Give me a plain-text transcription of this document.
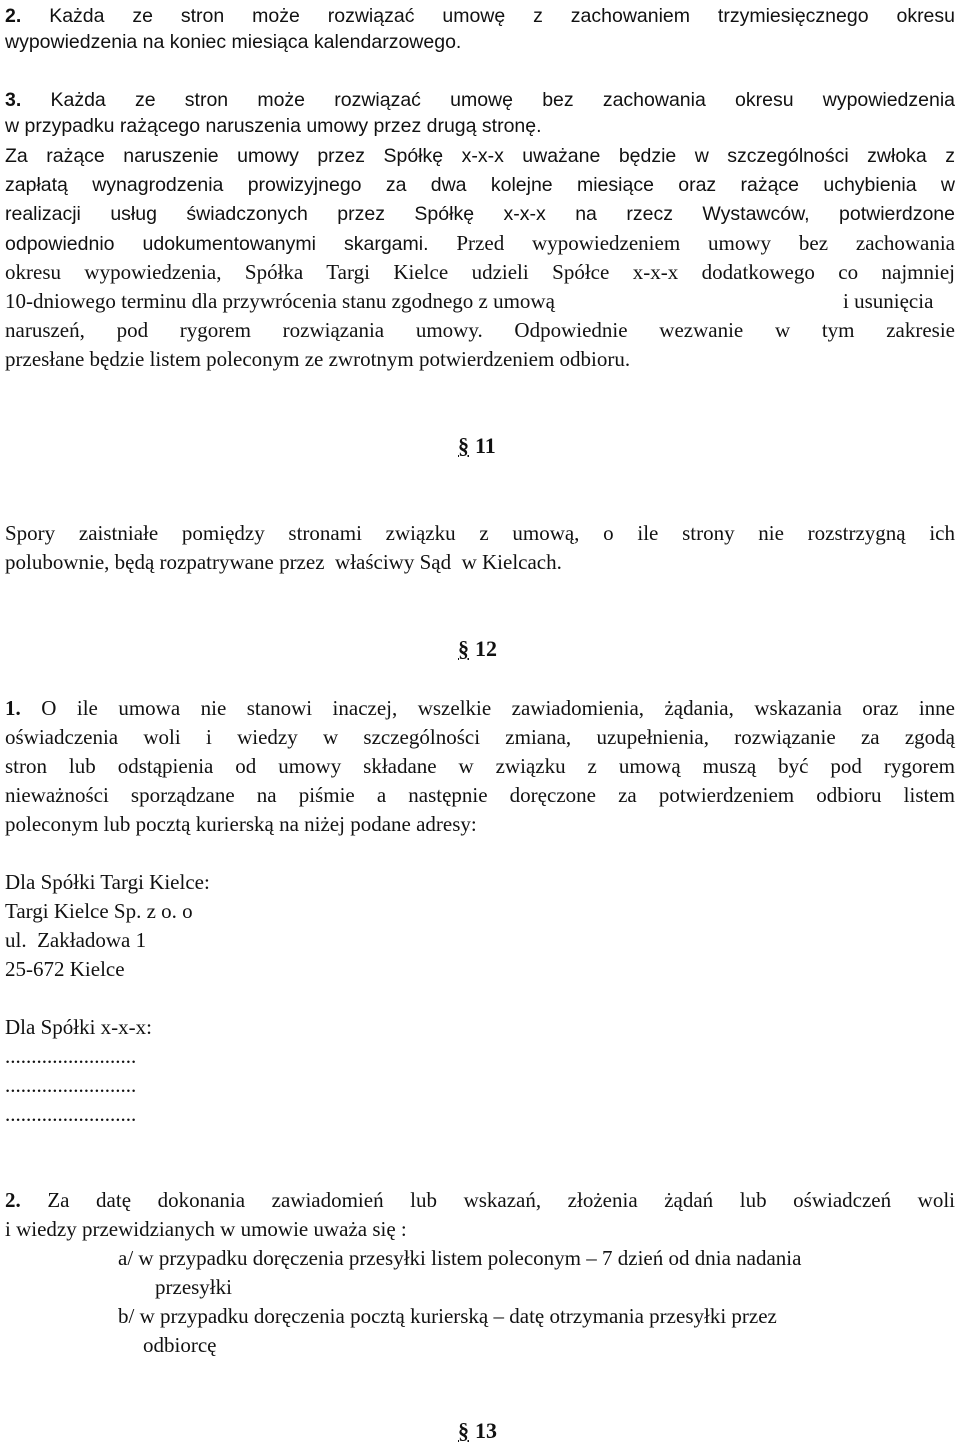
2. Każda ze stron może rozwiązać umowę z zachowaniem trzymiesięcznego okresu
wypowiedzenia na koniec miesiąca kalendarzowego.
3. Każda ze stron może rozwiązać umowę bez zachowania okresu wypowiedzenia
w przypadku rażącego naruszenia umowy przez drugą stronę.
Za rażące naruszenie umowy przez Spółkę x-x-x uważane będzie w szczególności zwłoka z
zapłatą wynagrodzenia prowizyjnego za dwa kolejne miesiące oraz rażące uchybienia w
realizacji usług świadczonych przez Spółkę x-x-x na rzecz Wystawców, potwierdzone
odpowiednio udokumentowanymi skargami. Przed wypowiedzeniem umowy bez zachowania
okresu wypowiedzenia, Spółka Targi Kielce udzieli Spółce x-x-x dodatkowego co najmniej
10-dniowego terminu dla przywrócenia stanu zgodnego z umową	i usunięcia
naruszeń, pod rygorem rozwiązania umowy. Odpowiednie wezwanie w tym zakresie
przesłane będzie listem poleconym ze zwrotnym potwierdzeniem odbioru.
§ 11
Spory zaistniałe pomiędzy stronami związku z umową, o ile strony nie rozstrzygną ich
polubownie, będą rozpatrywane przez  właściwy Sąd  w Kielcach.
§ 12
1. O ile umowa nie stanowi inaczej, wszelkie zawiadomienia, żądania, wskazania oraz inne
oświadczenia woli i wiedzy w szczególności zmiana, uzupełnienia, rozwiązanie za zgodą
stron lub odstąpienia od umowy składane w związku z umową muszą być pod rygorem
nieważności sporządzane na piśmie a następnie doręczone za potwierdzeniem odbioru listem
poleconym lub pocztą kurierską na niżej podane adresy:
Dla Spółki Targi Kielce:
Targi Kielce Sp. z o. o
ul.  Zakładowa 1
25-672 Kielce
Dla Spółki x-x-x:
.........................
.........................
.........................
2. Za datę dokonania zawiadomień lub wskazań, złożenia żądań lub oświadczeń woli
i wiedzy przewidzianych w umowie uważa się :
a/ w przypadku doręczenia przesyłki listem poleconym – 7 dzień od dnia nadania
przesyłki
b/ w przypadku doręczenia pocztą kurierską – datę otrzymania przesyłki przez
odbiorcę
§ 13
